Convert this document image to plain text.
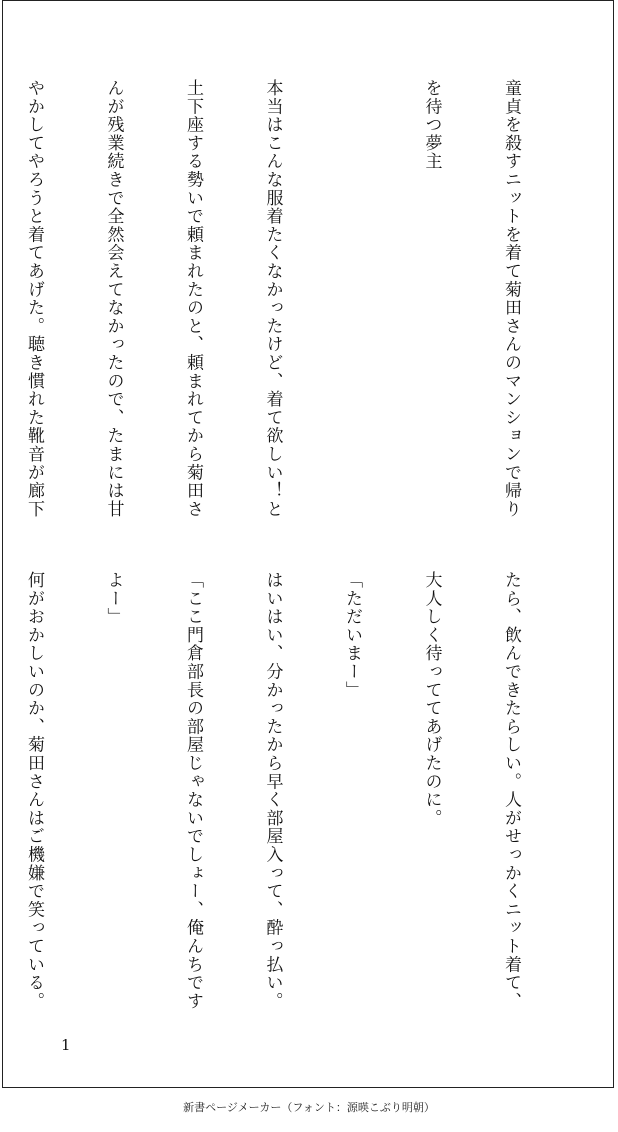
童貞を殺すニットを着て菊田さんのマンションで帰り

を待つ夢主

本当はこんな服着たくなかったけど、着て欲しい！と

土下座する勢いで頼まれたのと、頼まれてから菊田さ

んが残業続きで全然会えてなかったので、たまには甘

やかしてやろうと着てあげた。聴き慣れた靴音が廊下

たら、飲んできたらしい。人がせっかくニット着て、

大人しく待っててあげたのに。

「ただいまー」

はいはい、分かったから早く部屋入って、酔っ払い。

「ここ門倉部長の部屋じゃないでしょー、俺んちです

よー」

何がおかしいのか、菊田さんはご機嫌で笑っている。

1
新書ページメーカー（フォント：源暎こぶり明朝）
